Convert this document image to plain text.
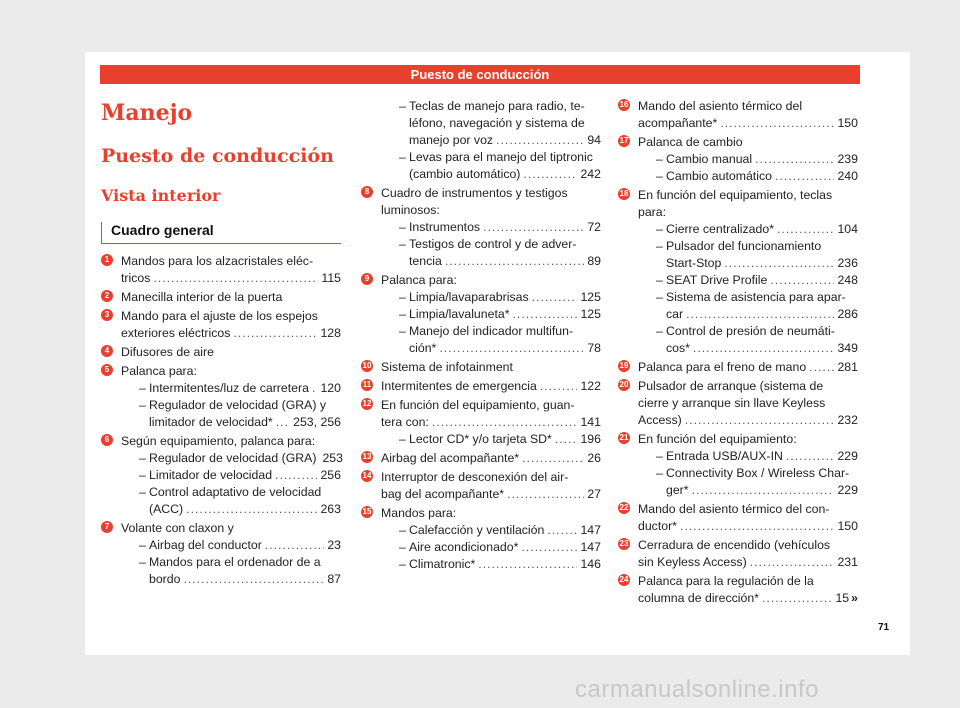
Puesto de conducción
Manejo
Puesto de conducción
Vista interior
Cuadro general
1 Mandos para los alzacristales eléc-
tricos .....	115
2 Manecilla interior de la puerta
3 Mando para el ajuste de los espejos
exteriores eléctricos .....	128
4 Difusores de aire
5 Palanca para:
– Intermitentes/luz de carretera ..... 120
– Regulador de velocidad (GRA) y
limitador de velocidad* ..... 253, 256
6 Según equipamiento, palanca para:
– Regulador de velocidad (GRA) 253
– Limitador de velocidad .....	256
– Control adaptativo de velocidad
(ACC) .....	263
7 Volante con claxon y
– Airbag del conductor .....	23
– Mandos para el ordenador de a
bordo .....	87
– Teclas de manejo para radio, te-
léfono, navegación y sistema de
manejo por voz .....	94
– Levas para el manejo del tiptronic
(cambio automático) .....	242
8 Cuadro de instrumentos y testigos
luminosos:
– Instrumentos .....	72
– Testigos de control y de adver-
tencia .....	89
9 Palanca para:
– Limpia/lavaparabrisas .....	125
– Limpia/lavaluneta* .....	125
– Manejo del indicador multifun-
ción* .....	78
10 Sistema de infotainment
11 Intermitentes de emergencia .....	122
12 En función del equipamiento, guan-
tera con: .....	141
– Lector CD* y/o tarjeta SD* ..... 196
13 Airbag del acompañante* .....	26
14 Interruptor de desconexión del air-
bag del acompañante* .....	27
15 Mandos para:
– Calefacción y ventilación .....	147
– Aire acondicionado* .....	147
– Climatronic* .....	146
16 Mando del asiento térmico del
acompañante* .....	150
17 Palanca de cambio
– Cambio manual .....	239
– Cambio automático .....	240
18 En función del equipamiento, teclas
para:
– Cierre centralizado* .....	104
– Pulsador del funcionamiento
Start-Stop .....	236
– SEAT Drive Profile .....	248
– Sistema de asistencia para apar-
car .....	286
– Control de presión de neumáti-
cos* .....	349
19 Palanca para el freno de mano .....	281
20 Pulsador de arranque (sistema de
cierre y arranque sin llave Keyless
Access) .....	232
21 En función del equipamiento:
– Entrada USB/AUX-IN .....	229
– Connectivity Box / Wireless Char-
ger* .....	229
22 Mando del asiento térmico del con-
ductor* .....	150
23 Cerradura de encendido (vehículos
sin Keyless Access) .....	231
24 Palanca para la regulación de la
columna de dirección* .....	15 »
71
carmanualsonline.info
